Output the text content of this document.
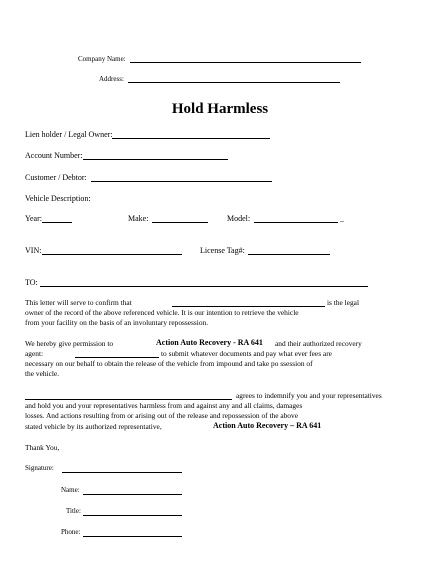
Company Name:
Address:
Hold Harmless
Lien holder / Legal Owner:
Account Number:
Customer / Debtor:
Vehicle Description:
Year:	Make:	Model:	_
VIN:	License Tag#:
TO:
This letter will serve to confirm that	is the legal
owner of the record of the above referenced vehicle. It is our intention to retrieve the vehicle
from your facility on the basis of an involuntary repossession.
We hereby give permission to	Action Auto Recovery - RA 641 and their authorized recovery
agent:	to submit whatever documents and pay what ever fees are
necessary on our behalf to obtain the release of the vehicle from impound and take po ssession of
the vehicle.
agrees to indemnify you and your representatives
and hold you and your representatives harmless from and against any and all claims, damages
losses. And actions resulting from or arising out of the release and repossession of the above
stated vehicle by its authorized representative,	Action Auto Recovery – RA 641
Thank You,
Signature:
Name:
Title:
Phone:
